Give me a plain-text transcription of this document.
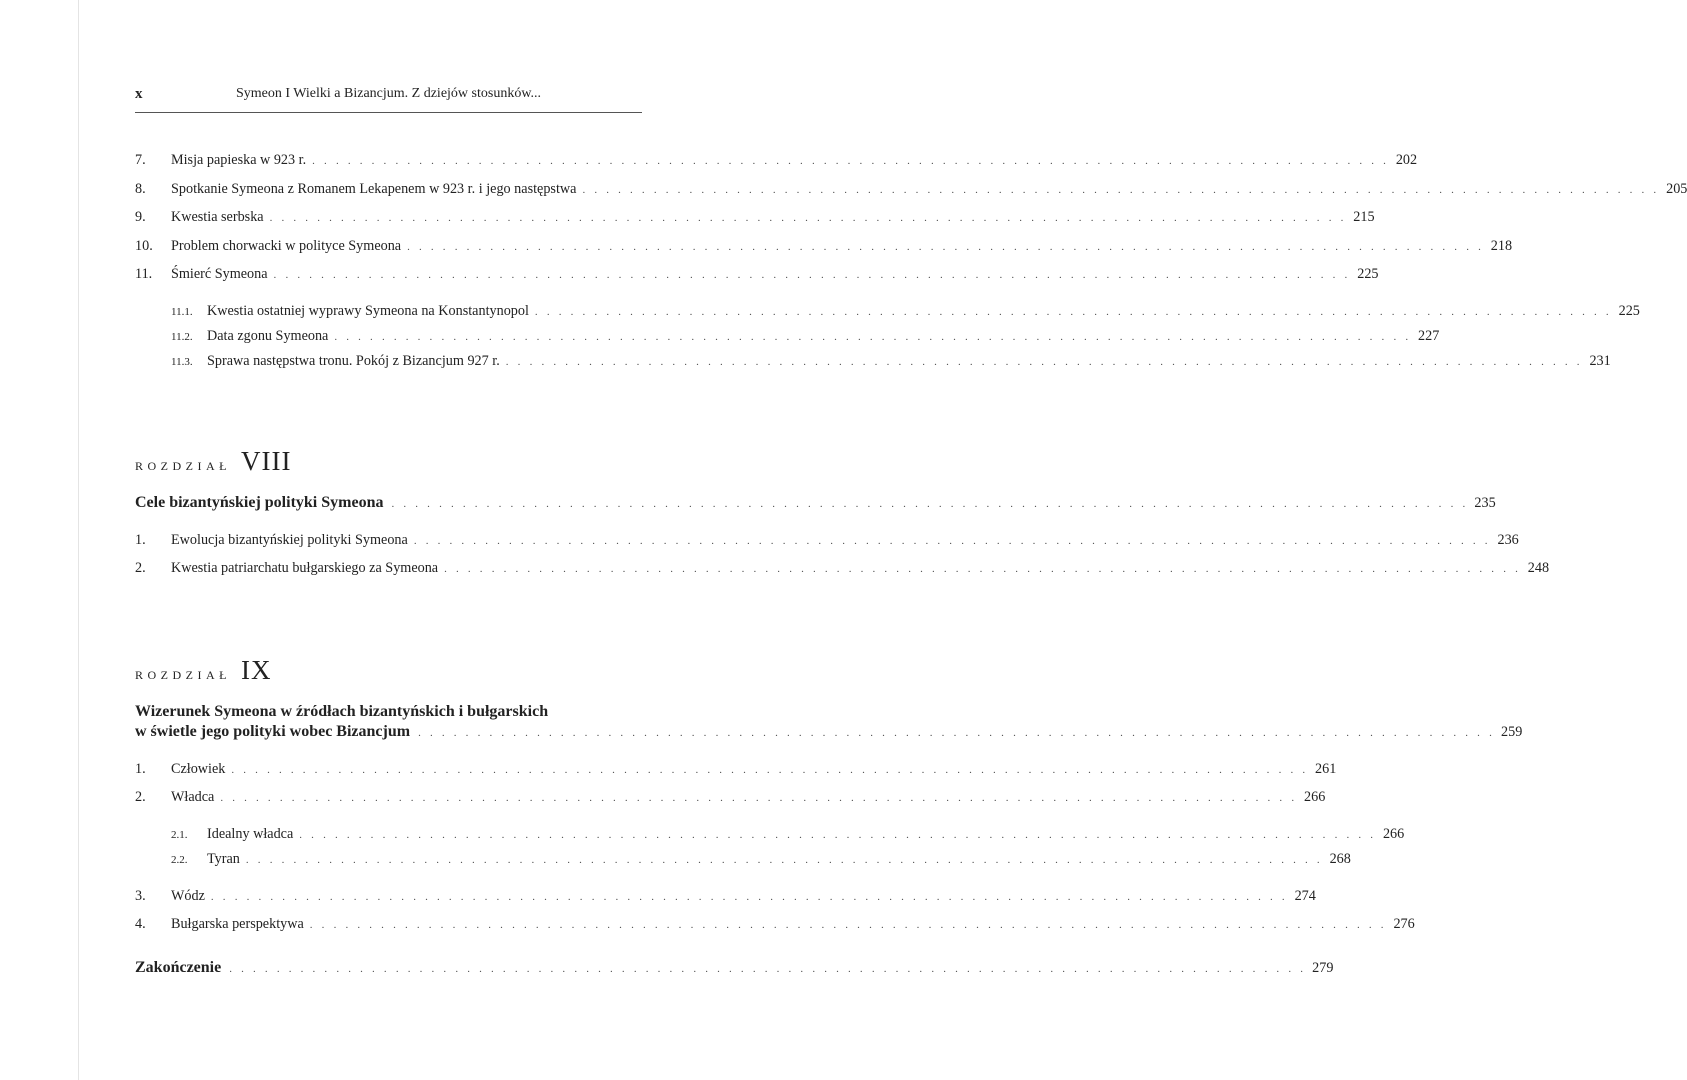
x	Symeon I Wielki a Bizancjum. Z dziejów stosunków...
7.	Misja papieska w 923 r. . . . . . . . . . . . . . . . . . . . . . . . . . . . . . . . . . . . . . . . . . . . . . . . . . . . . . . . . . . . . . . . . . . . . . . . . . . . . . . . . . . . . . . . . . . . 202
8.	Spotkanie Symeona z Romanem Lekapenem w 923 r. i jego następstwa . . . . . . . . . . . . . . . . . . . . . . . . . . . . . . . . . . . . . . . . . . . . . . . . . . . . . . . . . . . . . . . . . . . . . . . . . . . . . . . . . . . . . . . . . . . 205
9.	Kwestia serbska . . . . . . . . . . . . . . . . . . . . . . . . . . . . . . . . . . . . . . . . . . . . . . . . . . . . . . . . . . . . . . . . . . . . . . . . . . . . . . . . . . . . . . . . . . . 215
10.	Problem chorwacki w polityce Symeona . . . . . . . . . . . . . . . . . . . . . . . . . . . . . . . . . . . . . . . . . . . . . . . . . . . . . . . . . . . . . . . . . . . . . . . . . . . . . . . . . . . . . . . . . . . 218
11.	Śmierć Symeona . . . . . . . . . . . . . . . . . . . . . . . . . . . . . . . . . . . . . . . . . . . . . . . . . . . . . . . . . . . . . . . . . . . . . . . . . . . . . . . . . . . . . . . . . . . 225
11.1.	Kwestia ostatniej wyprawy Symeona na Konstantynopol . . . . . . . . . . . . . . . . . . . . . . . . . . . . . . . . . . . . . . . . . . . . . . . . . . . . . . . . . . . . . . . . . . . . . . . . . . . . . . . . . . . . . . . . . . . 225
11.2.	Data zgonu Symeona . . . . . . . . . . . . . . . . . . . . . . . . . . . . . . . . . . . . . . . . . . . . . . . . . . . . . . . . . . . . . . . . . . . . . . . . . . . . . . . . . . . . . . . . . . . 227
11.3.	Sprawa następstwa tronu. Pokój z Bizancjum 927 r. . . . . . . . . . . . . . . . . . . . . . . . . . . . . . . . . . . . . . . . . . . . . . . . . . . . . . . . . . . . . . . . . . . . . . . . . . . . . . . . . . . . . . . . . . . . 231
ROZDZIAŁ VIII
Cele bizantyńskiej polityki Symeona . . . . . . . . . . . . . . . . . . . . . . . . . . . . . . . . . . . . . . . . . . . . . . . . . . . . . . . . . . . . . . . . . . . . . . . . . . . . . . . . . . . . . . . . . . . 235
1.	Ewolucja bizantyńskiej polityki Symeona . . . . . . . . . . . . . . . . . . . . . . . . . . . . . . . . . . . . . . . . . . . . . . . . . . . . . . . . . . . . . . . . . . . . . . . . . . . . . . . . . . . . . . . . . . . 236
2.	Kwestia patriarchatu bułgarskiego za Symeona . . . . . . . . . . . . . . . . . . . . . . . . . . . . . . . . . . . . . . . . . . . . . . . . . . . . . . . . . . . . . . . . . . . . . . . . . . . . . . . . . . . . . . . . . . . 248
ROZDZIAŁ IX
Wizerunek Symeona w źródłach bizantyńskich i bułgarskich
w świetle jego polityki wobec Bizancjum . . . . . . . . . . . . . . . . . . . . . . . . . . . . . . . . . . . . . . . . . . . . . . . . . . . . . . . . . . . . . . . . . . . . . . . . . . . . . . . . . . . . . . . . . . . 259
1.	Człowiek . . . . . . . . . . . . . . . . . . . . . . . . . . . . . . . . . . . . . . . . . . . . . . . . . . . . . . . . . . . . . . . . . . . . . . . . . . . . . . . . . . . . . . . . . . . 261
2.	Władca . . . . . . . . . . . . . . . . . . . . . . . . . . . . . . . . . . . . . . . . . . . . . . . . . . . . . . . . . . . . . . . . . . . . . . . . . . . . . . . . . . . . . . . . . . . 266
2.1.	Idealny władca . . . . . . . . . . . . . . . . . . . . . . . . . . . . . . . . . . . . . . . . . . . . . . . . . . . . . . . . . . . . . . . . . . . . . . . . . . . . . . . . . . . . . . . . . . . 266
2.2.	Tyran . . . . . . . . . . . . . . . . . . . . . . . . . . . . . . . . . . . . . . . . . . . . . . . . . . . . . . . . . . . . . . . . . . . . . . . . . . . . . . . . . . . . . . . . . . . 268
3.	Wódz . . . . . . . . . . . . . . . . . . . . . . . . . . . . . . . . . . . . . . . . . . . . . . . . . . . . . . . . . . . . . . . . . . . . . . . . . . . . . . . . . . . . . . . . . . . 274
4.	Bułgarska perspektywa . . . . . . . . . . . . . . . . . . . . . . . . . . . . . . . . . . . . . . . . . . . . . . . . . . . . . . . . . . . . . . . . . . . . . . . . . . . . . . . . . . . . . . . . . . . 276
Zakończenie . . . . . . . . . . . . . . . . . . . . . . . . . . . . . . . . . . . . . . . . . . . . . . . . . . . . . . . . . . . . . . . . . . . . . . . . . . . . . . . . . . . . . . . . . . . 279
